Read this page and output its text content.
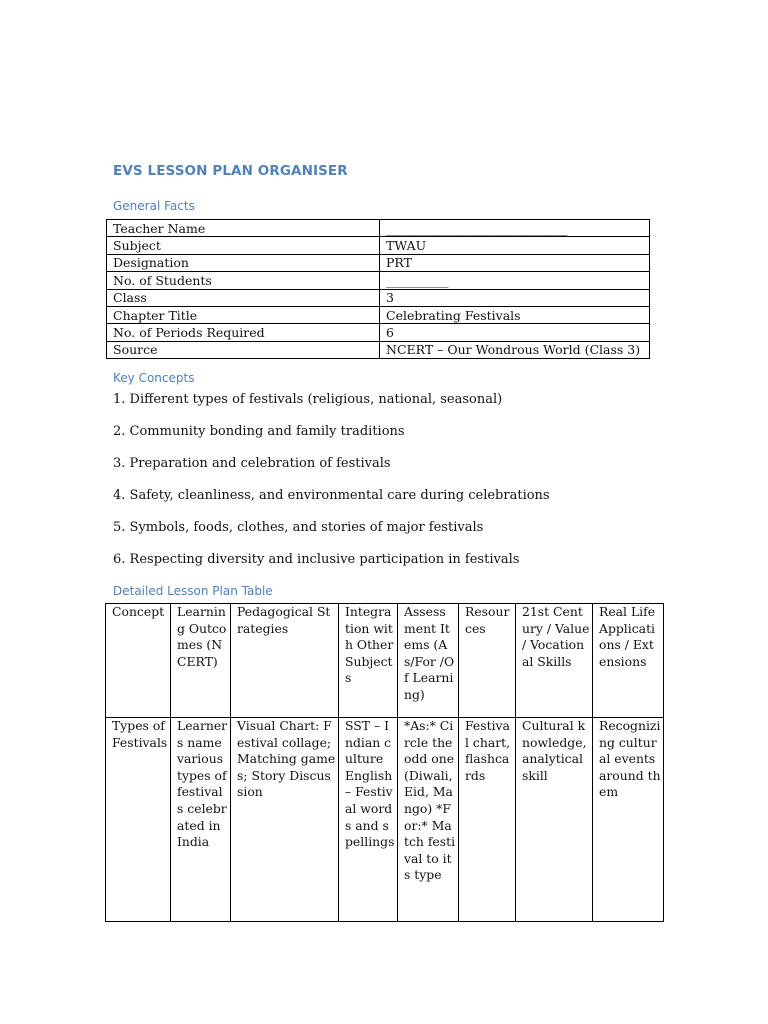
EVS LESSON PLAN ORGANISER
General Facts
Teacher Name	_____________________________
Subject	TWAU
Designation	PRT
No. of Students	__________
Class	3
Chapter Title	Celebrating Festivals
No. of Periods Required	6
Source	NCERT – Our Wondrous World (Class 3)
Key Concepts
1. Different types of festivals (religious, national, seasonal)
2. Community bonding and family traditions
3. Preparation and celebration of festivals
4. Safety, cleanliness, and environmental care during celebrations
5. Symbols, foods, clothes, and stories of major festivals
6. Respecting diversity and inclusive participation in festivals
Detailed Lesson Plan Table
Concept	Learning Outcomes (NCERT)	Pedagogical Strategies	Integration with Other Subjects	Assessment Items (As/For /Of Learning)	Resources	21st Century / Value / Vocational Skills	Real Life Applications / Extensions
Types of Festivals	Learners name various types of festivals celebrated in India	Visual Chart: Festival collage; Matching games; Story Discussion	SST – Indian culture English – Festival words and spellings	*As:* Circle the odd one (Diwali, Eid, Mango) *For:* Match festival to its type	Festival chart, flashcards	Cultural knowledge, analytical skill	Recognizing cultural events around them
